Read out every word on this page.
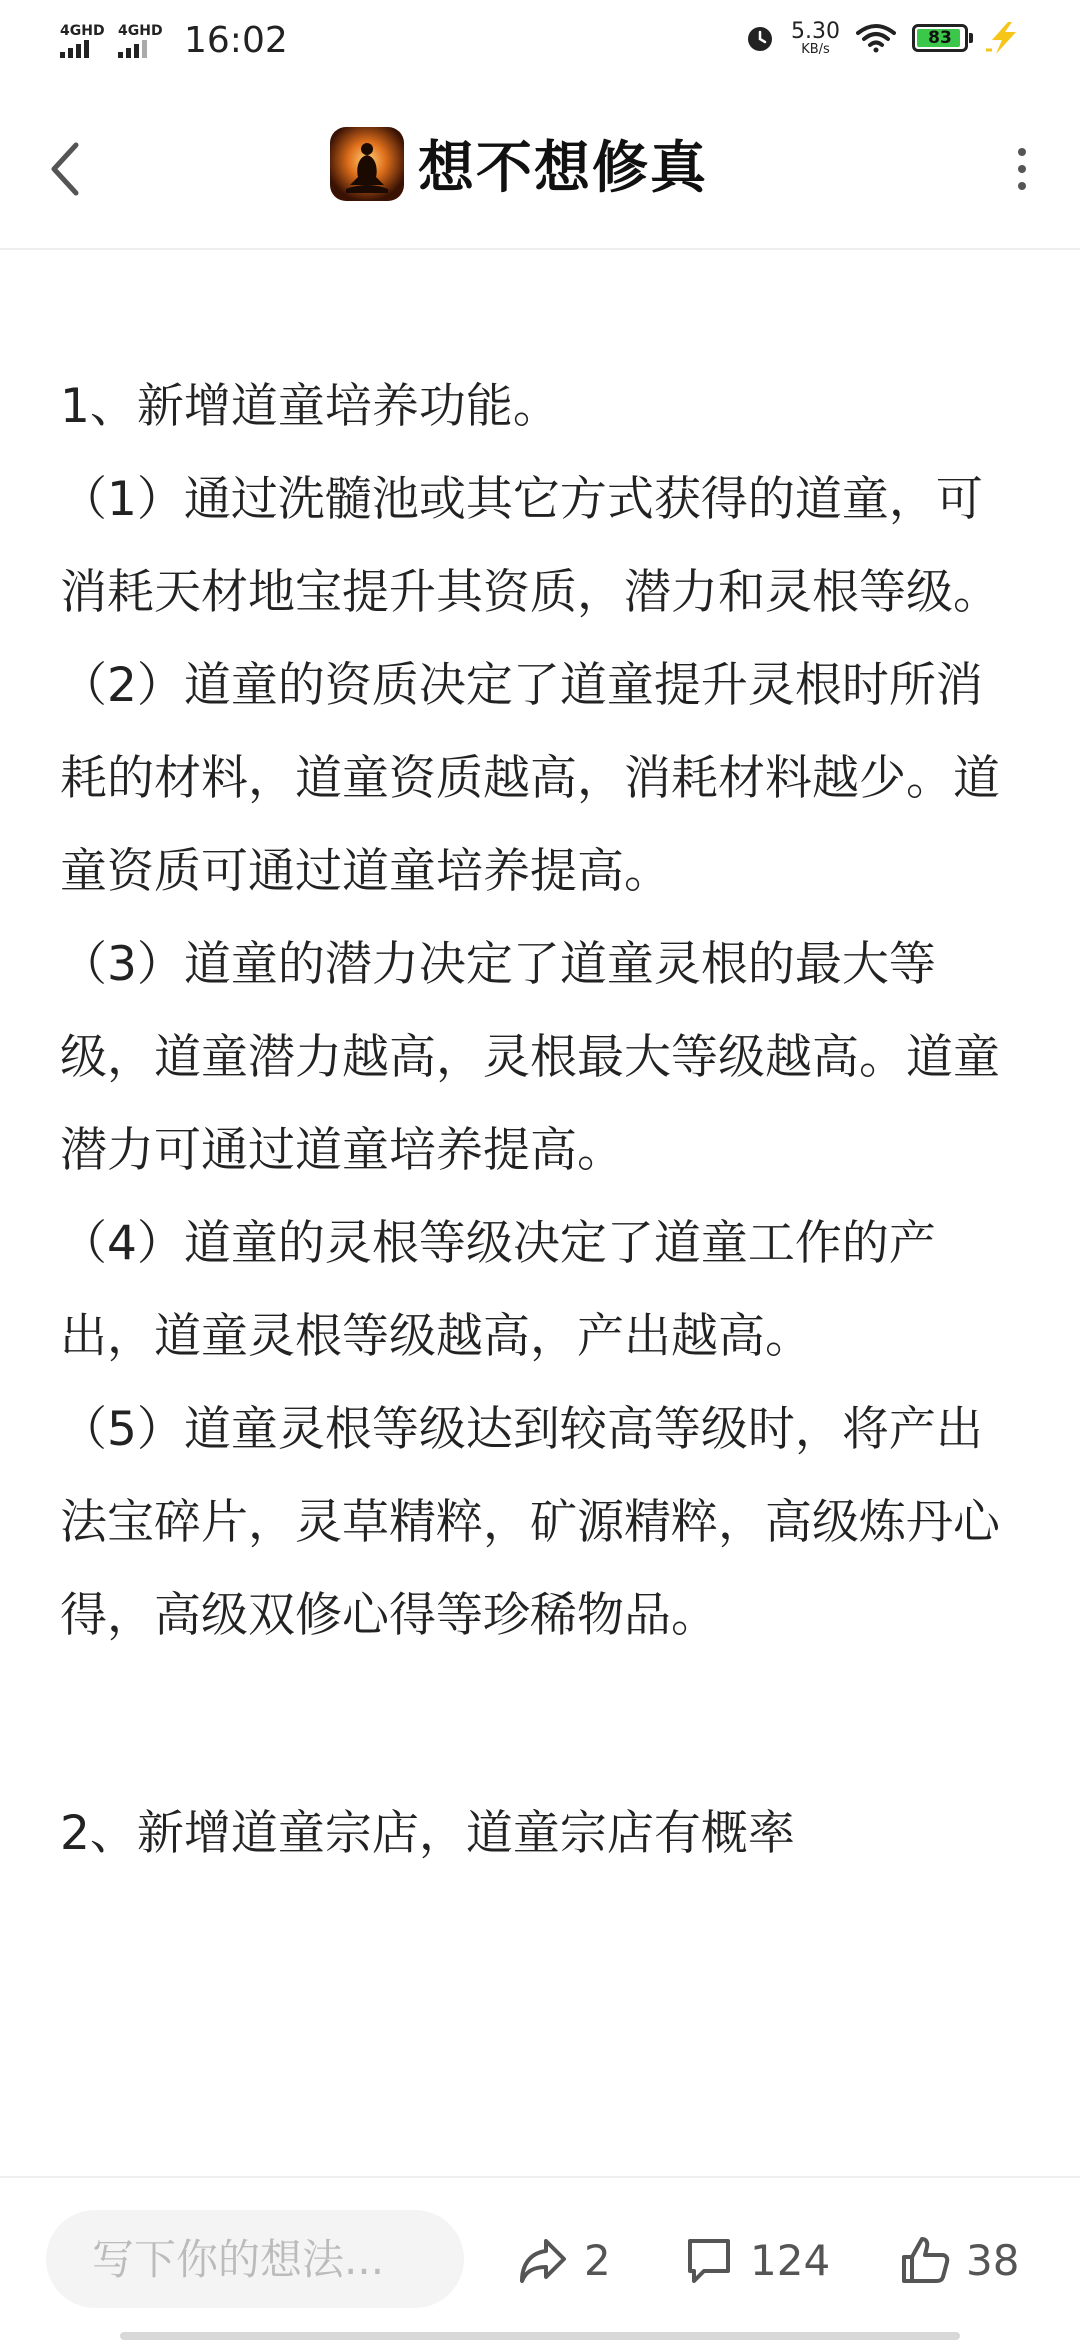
4GHD 4GHD 16:02	5.30
KB/s
83
想不想修真

1、新增道童培养功能。

（1）通过洗髓池或其它方式获得的道童，可消耗天材地宝提升其资质，潜力和灵根等级。

（2）道童的资质决定了道童提升灵根时所消耗的材料，道童资质越高，消耗材料越少。道童资质可通过道童培养提高。

（3）道童的潜力决定了道童灵根的最大等级，道童潜力越高，灵根最大等级越高。道童潜力可通过道童培养提高。

（4）道童的灵根等级决定了道童工作的产出，道童灵根等级越高，产出越高。

（5）道童灵根等级达到较高等级时，将产出法宝碎片，灵草精粹，矿源精粹，高级炼丹心得，高级双修心得等珍稀物品。

2、新增道童宗店，道童宗店有概率

写下你的想法...
2	124	38
